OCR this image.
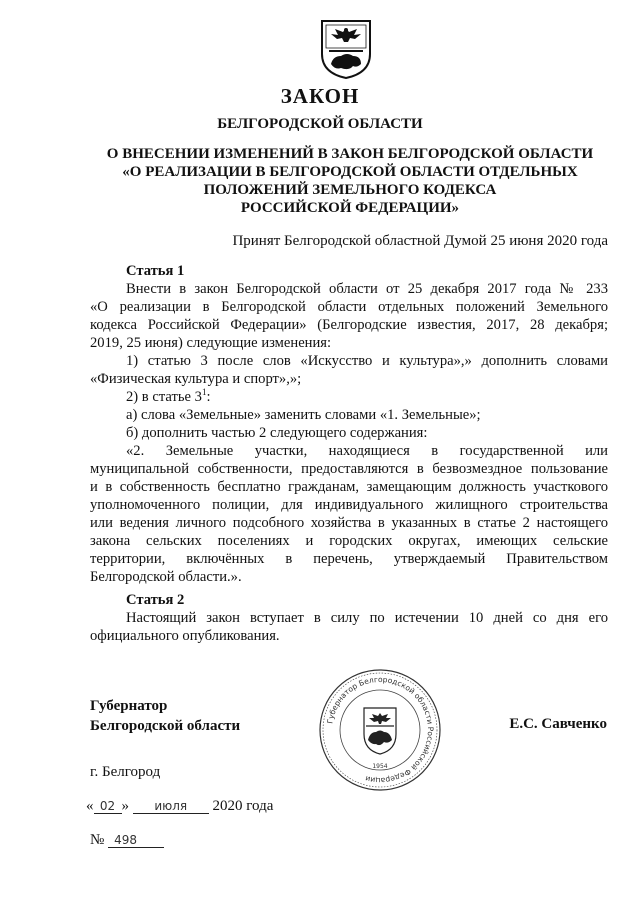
ЗАКОН
БЕЛГОРОДСКОЙ ОБЛАСТИ
О ВНЕСЕНИИ ИЗМЕНЕНИЙ В ЗАКОН БЕЛГОРОДСКОЙ ОБЛАСТИ
«О РЕАЛИЗАЦИИ В БЕЛГОРОДСКОЙ ОБЛАСТИ ОТДЕЛЬНЫХ
ПОЛОЖЕНИЙ ЗЕМЕЛЬНОГО КОДЕКСА
РОССИЙСКОЙ ФЕДЕРАЦИИ»
Принят Белгородской областной Думой 25 июня 2020 года
Статья 1
Внести в закон Белгородской области от 25 декабря 2017 года № 233
«О реализации в Белгородской области отдельных положений Земельного
кодекса Российской Федерации» (Белгородские известия, 2017, 28 декабря;
2019, 25 июня) следующие изменения:
1) статью 3 после слов «Искусство и культура»,» дополнить словами
«Физическая культура и спорт»,»;
2) в статье $3^1$:
а) слова «Земельные» заменить словами «1. Земельные»;
б) дополнить частью 2 следующего содержания:
«2. Земельные участки, находящиеся в государственной или
муниципальной собственности, предоставляются в безвозмездное пользование
и в собственность бесплатно гражданам, замещающим должность участкового
уполномоченного полиции, для индивидуального жилищного строительства
или ведения личного подсобного хозяйства в указанных в статье 2 настоящего
закона сельских поселениях и городских округах, имеющих сельские
территории, включённых в перечень, утверждаемый Правительством
Белгородской области.».
Статья 2
Настоящий закон вступает в силу по истечении 10 дней со дня его
официального опубликования.
Губернатор
Белгородской области	Губернатор Белгородской области Российской Федерации
1954
Е.С. Савченко
г. Белгород
« 02 » июля 2020 года
№ 498
